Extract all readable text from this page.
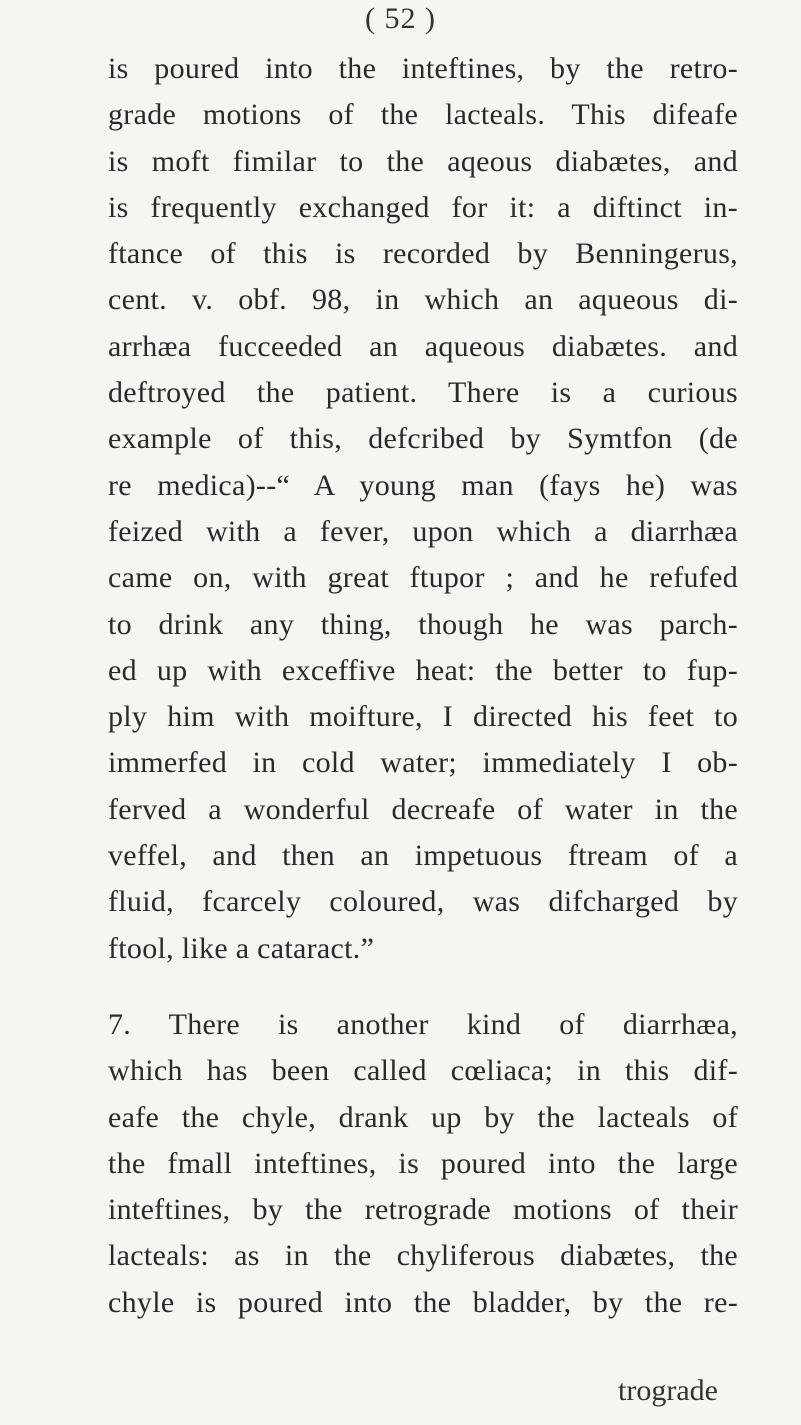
( 52 )
is poured into the inteftines, by the retro-
grade motions of the lacteals. This difeafe
is moft fimilar to the aqeous diabætes, and
is frequently exchanged for it: a diftinct in-
ftance of this is recorded by Benningerus,
cent. v. obf. 98, in which an aqueous di-
arrhæa fucceeded an aqueous diabætes. and
deftroyed the patient. There is a curious
example of this, defcribed by Symtfon (de
re medica)--“ A young man (fays he) was
feized with a fever, upon which a diarrhæa
came on, with great ftupor ; and he refufed
to drink any thing, though he was parch-
ed up with exceffive heat: the better to fup-
ply him with moifture, I directed his feet to
immerfed in cold water; immediately I ob-
ferved a wonderful decreafe of water in the
veffel, and then an impetuous ftream of a
fluid, fcarcely coloured, was difcharged by
ftool, like a cataract.”
7. There is another kind of diarrhæa,
which has been called cœliaca; in this dif-
eafe the chyle, drank up by the lacteals of
the fmall inteftines, is poured into the large
inteftines, by the retrograde motions of their
lacteals: as in the chyliferous diabætes, the
chyle is poured into the bladder, by the re-
trograde
